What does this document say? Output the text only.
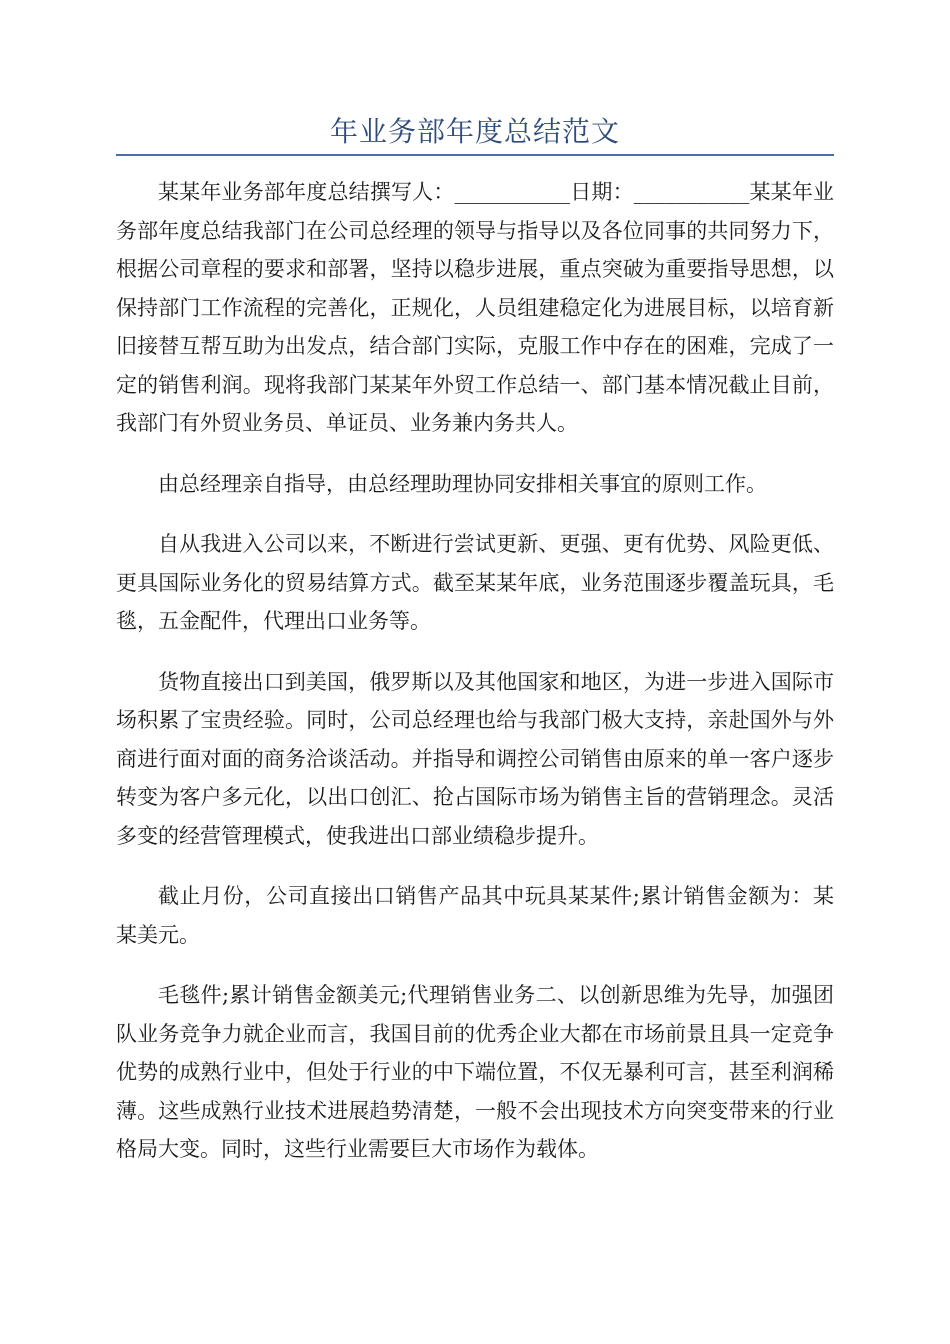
年业务部年度总结范文

某某年业务部年度总结撰写人：___________日期：___________某某年业务部年度总结我部门在公司总经理的领导与指导以及各位同事的共同努力下，根据公司章程的要求和部署，坚持以稳步进展，重点突破为重要指导思想，以保持部门工作流程的完善化，正规化，人员组建稳定化为进展目标，以培育新旧接替互帮互助为出发点，结合部门实际，克服工作中存在的困难，完成了一定的销售利润。现将我部门某某年外贸工作总结一、部门基本情况截止目前，我部门有外贸业务员、单证员、业务兼内务共人。

由总经理亲自指导，由总经理助理协同安排相关事宜的原则工作。

自从我进入公司以来，不断进行尝试更新、更强、更有优势、风险更低、更具国际业务化的贸易结算方式。截至某某年底，业务范围逐步覆盖玩具，毛毯，五金配件，代理出口业务等。

货物直接出口到美国，俄罗斯以及其他国家和地区，为进一步进入国际市场积累了宝贵经验。同时，公司总经理也给与我部门极大支持，亲赴国外与外商进行面对面的商务洽谈活动。并指导和调控公司销售由原来的单一客户逐步转变为客户多元化，以出口创汇、抢占国际市场为销售主旨的营销理念。灵活多变的经营管理模式，使我进出口部业绩稳步提升。

截止月份，公司直接出口销售产品其中玩具某某件;累计销售金额为：某某美元。

毛毯件;累计销售金额美元;代理销售业务二、以创新思维为先导，加强团队业务竞争力就企业而言，我国目前的优秀企业大都在市场前景且具一定竞争优势的成熟行业中，但处于行业的中下端位置，不仅无暴利可言，甚至利润稀薄。这些成熟行业技术进展趋势清楚，一般不会出现技术方向突变带来的行业格局大变。同时，这些行业需要巨大市场作为载体。
